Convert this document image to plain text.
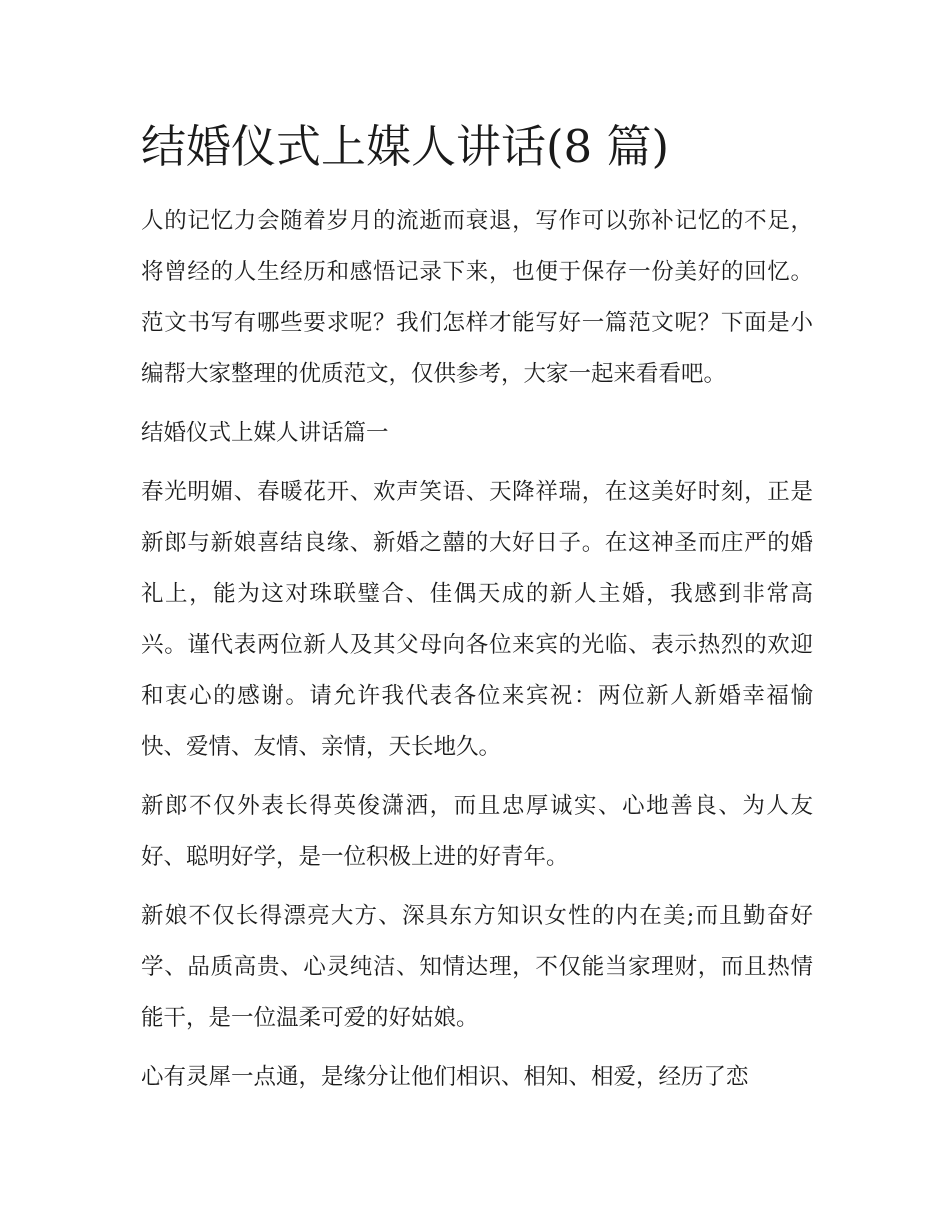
结婚仪式上媒人讲话(8 篇)

人的记忆力会随着岁月的流逝而衰退，写作可以弥补记忆的不足，将曾经的人生经历和感悟记录下来，也便于保存一份美好的回忆。范文书写有哪些要求呢？我们怎样才能写好一篇范文呢？下面是小编帮大家整理的优质范文，仅供参考，大家一起来看看吧。

结婚仪式上媒人讲话篇一

春光明媚、春暖花开、欢声笑语、天降祥瑞，在这美好时刻，正是新郎与新娘喜结良缘、新婚之囍的大好日子。在这神圣而庄严的婚礼上，能为这对珠联璧合、佳偶天成的新人主婚，我感到非常高兴。谨代表两位新人及其父母向各位来宾的光临、表示热烈的欢迎和衷心的感谢。请允许我代表各位来宾祝：两位新人新婚幸福愉快、爱情、友情、亲情，天长地久。

新郎不仅外表长得英俊潇洒，而且忠厚诚实、心地善良、为人友好、聪明好学，是一位积极上进的好青年。

新娘不仅长得漂亮大方、深具东方知识女性的内在美;而且勤奋好学、品质高贵、心灵纯洁、知情达理，不仅能当家理财，而且热情能干，是一位温柔可爱的好姑娘。

心有灵犀一点通，是缘分让他们相识、相知、相爱，经历了恋
